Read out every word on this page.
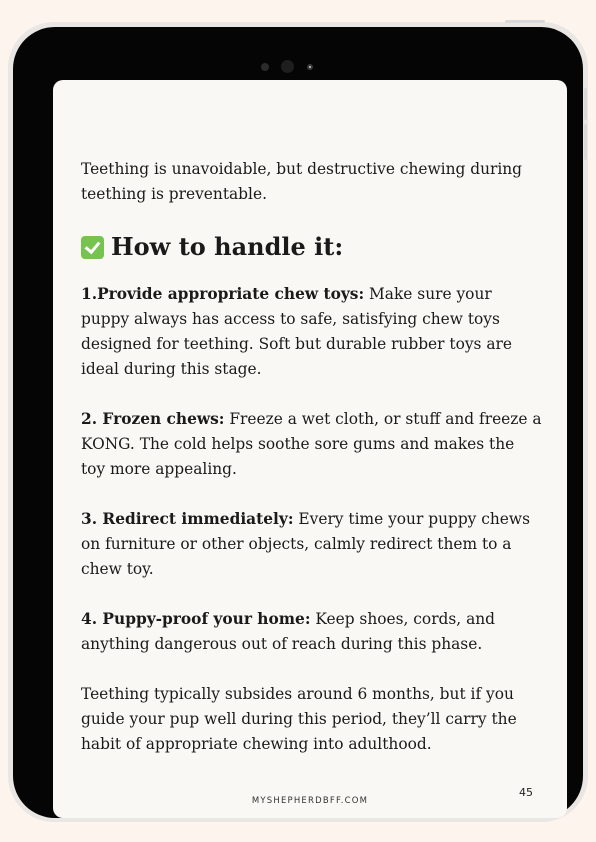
Teething is unavoidable, but destructive chewing during teething is preventable.

How to handle it:

1.Provide appropriate chew toys: Make sure your puppy always has access to safe, satisfying chew toys designed for teething. Soft but durable rubber toys are ideal during this stage.

2. Frozen chews: Freeze a wet cloth, or stuff and freeze a KONG. The cold helps soothe sore gums and makes the toy more appealing.

3. Redirect immediately: Every time your puppy chews on furniture or other objects, calmly redirect them to a chew toy.

4. Puppy-proof your home: Keep shoes, cords, and anything dangerous out of reach during this phase.

Teething typically subsides around 6 months, but if you guide your pup well during this period, they’ll carry the habit of appropriate chewing into adulthood.

MYSHEPHERDBFF.COM
45
